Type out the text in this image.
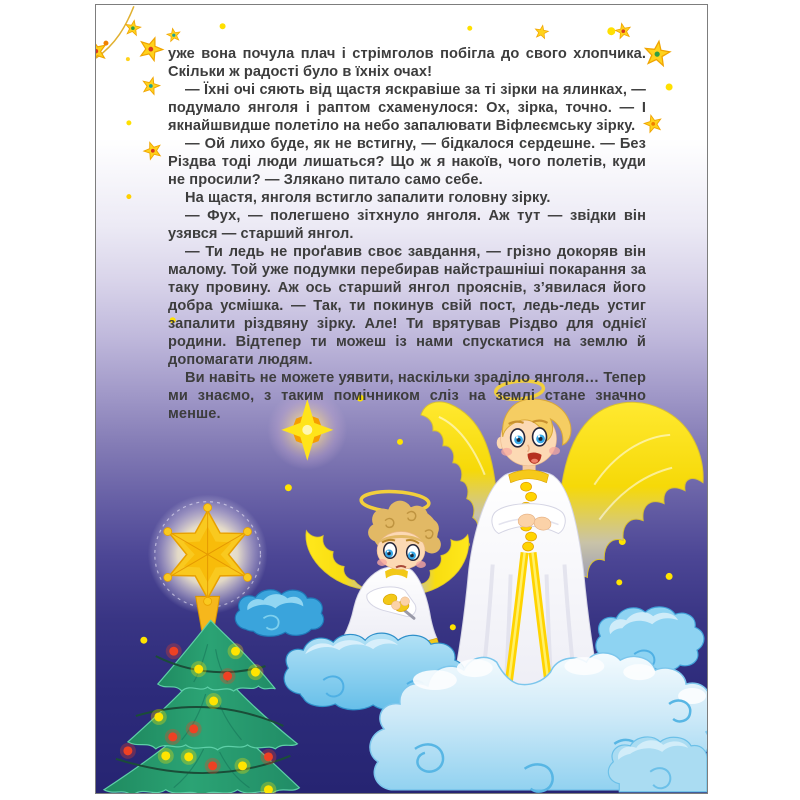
уже вона почула плач і стрімголов побігла до свого хлопчика. Скільки ж радості було в їхніх очах!

— Їхні очі сяють від щастя яскравіше за ті зірки на ялинках, — подумало янголя і раптом схаменулося: Ох, зірка, точно. — І якнайшвидше полетіло на небо запалювати Віфлеємську зірку.

— Ой лихо буде, як не встигну, — бідкалося сердешне. — Без Різдва тоді люди лишаться? Що ж я накоїв, чого полетів, куди не просили? — Злякано питало само себе.

На щастя, янголя встигло запалити головну зірку.

— Фух, — полегшено зітхнуло янголя. Аж тут — звідки він узявся — старший янгол.

— Ти ледь не проґавив своє завдання, — грізно докоряв він малому. Той уже подумки перебирав найстрашніші покарання за таку провину. Аж ось старший янгол прояснів, з’явилася його добра усмішка. — Так, ти покинув свій пост, ледь-ледь устиг запалити різдвяну зірку. Але! Ти врятував Різдво для однієї родини. Відтепер ти можеш із нами спускатися на землю й допомагати людям.

Ви навіть не можете уявити, наскільки зраділо янголя… Тепер ми знаємо, з таким помічником сліз на землі стане значно менше.
